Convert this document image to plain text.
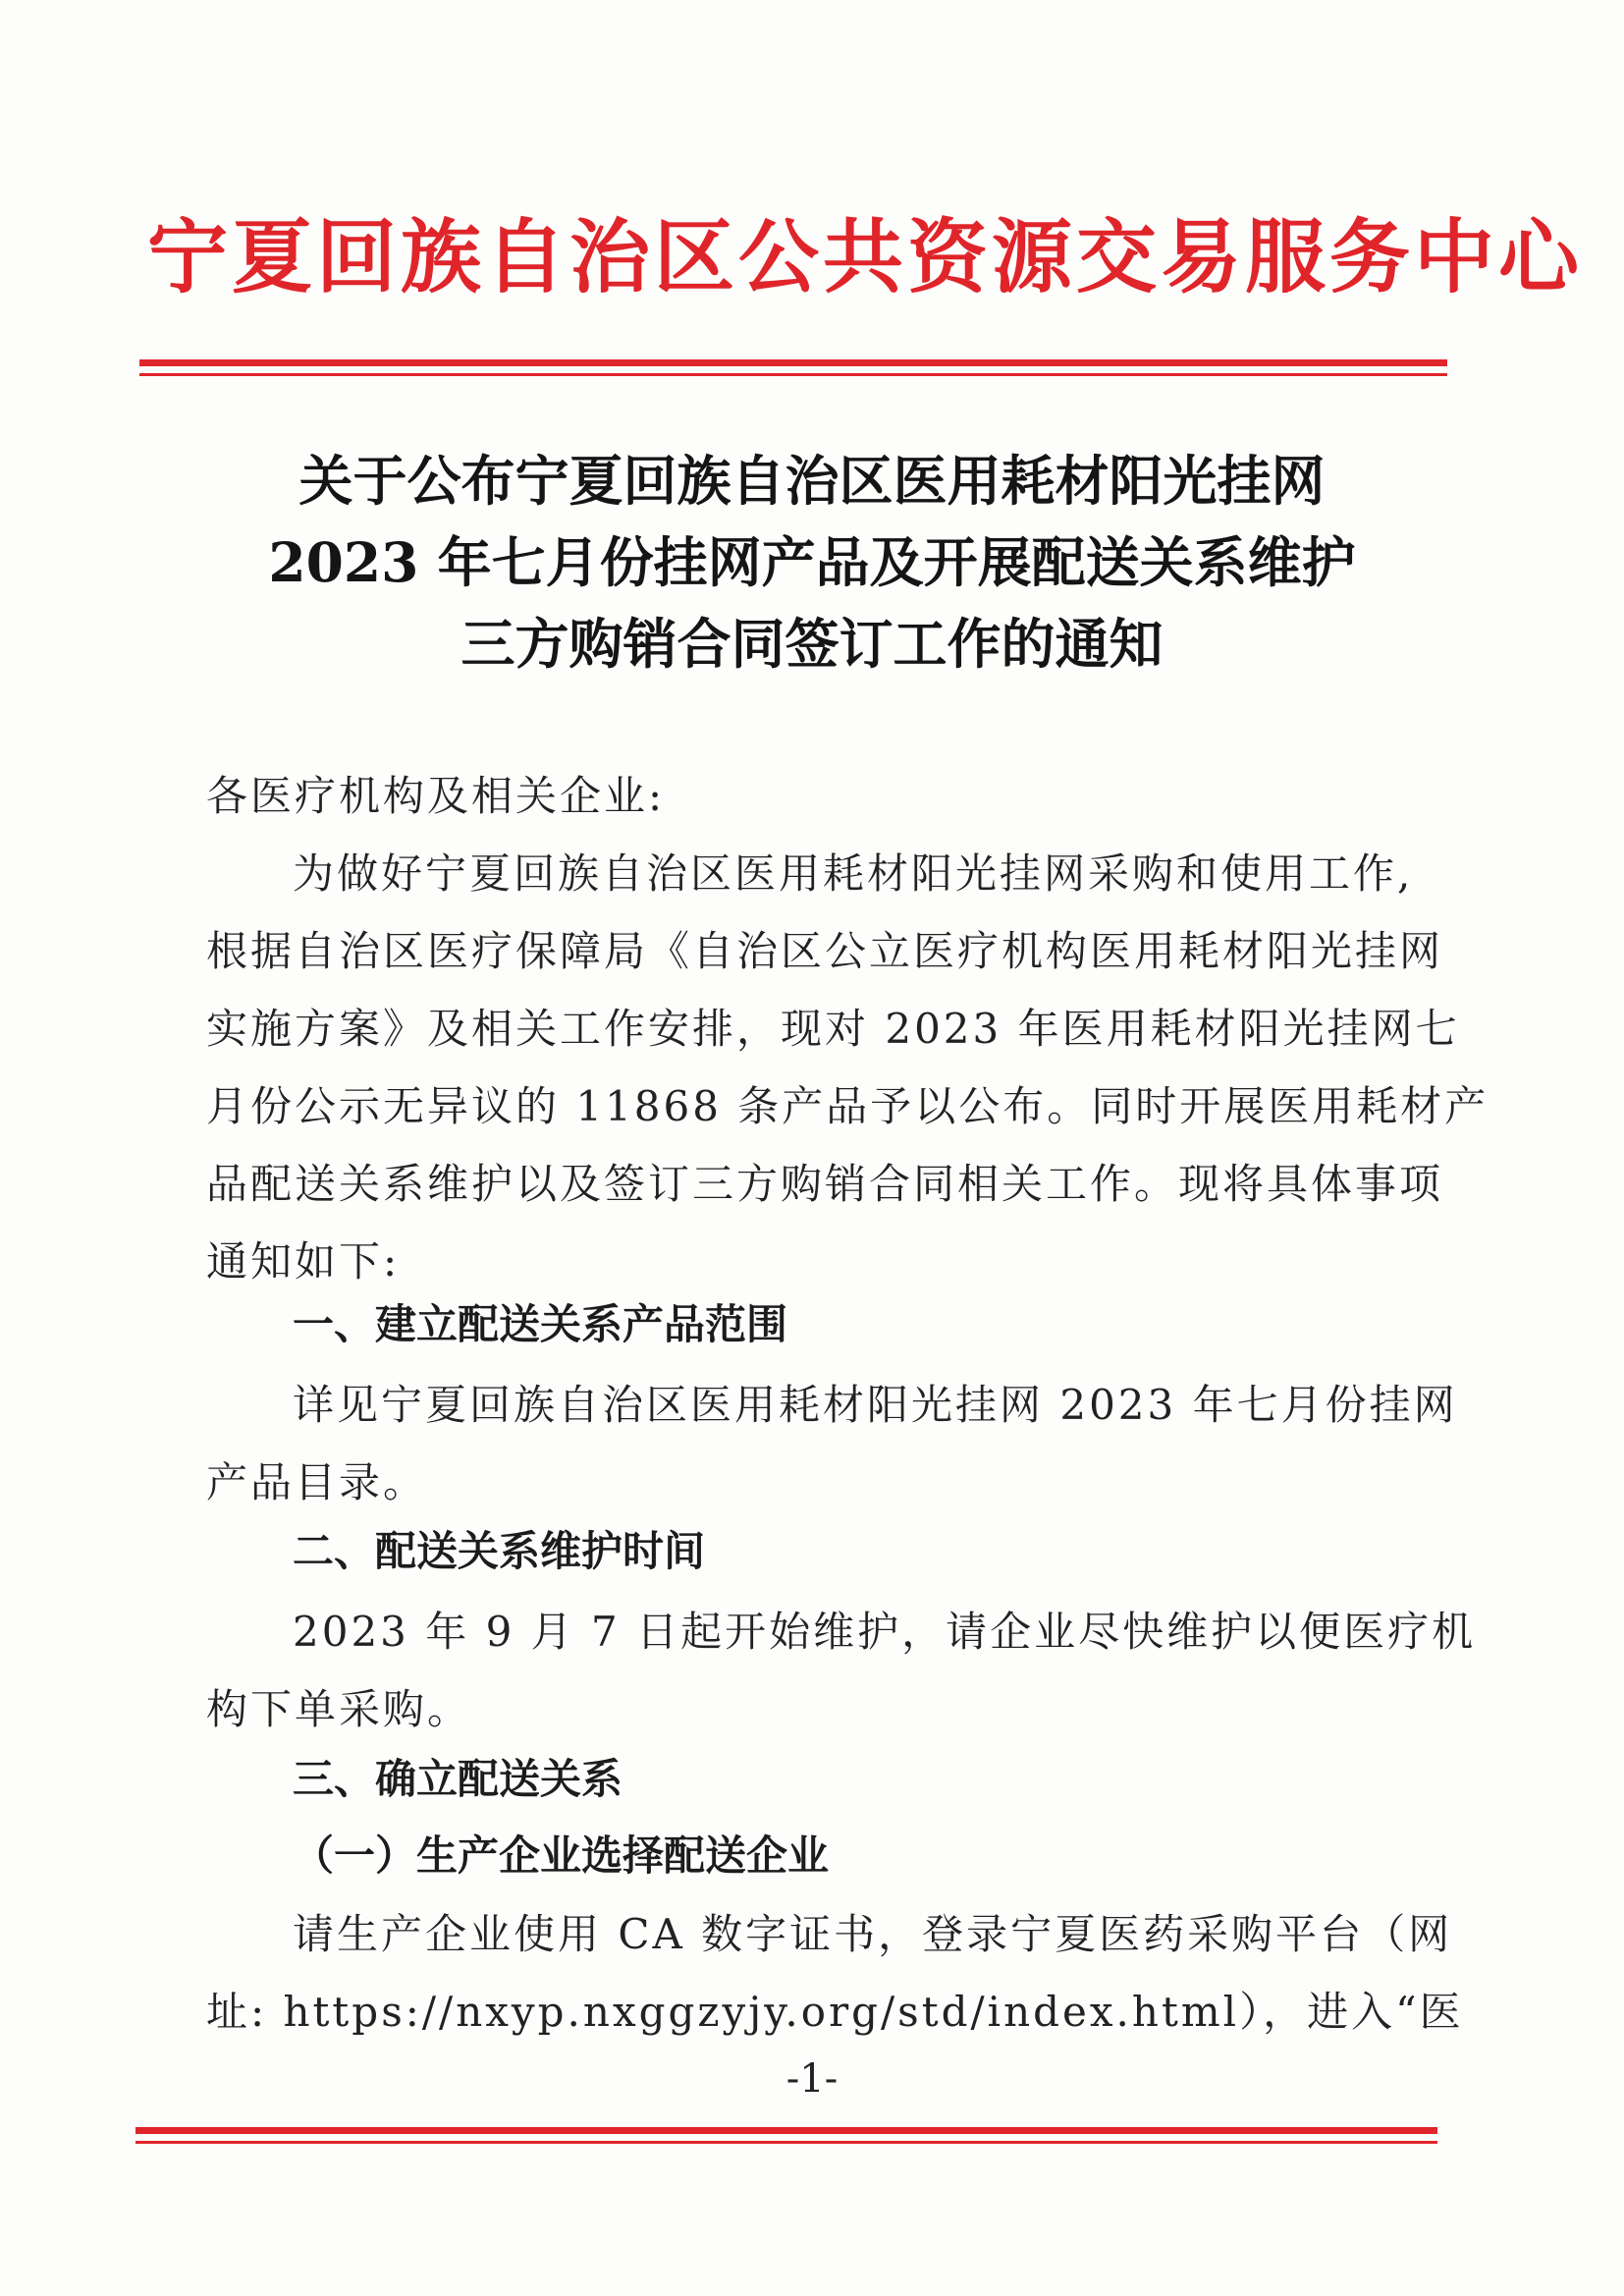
宁夏回族自治区公共资源交易服务中心
关于公布宁夏回族自治区医用耗材阳光挂网
2023 年七月份挂网产品及开展配送关系维护
三方购销合同签订工作的通知
各医疗机构及相关企业:
为做好宁夏回族自治区医用耗材阳光挂网采购和使用工作,
根据自治区医疗保障局《自治区公立医疗机构医用耗材阳光挂网
实施方案》及相关工作安排，现对 2023 年医用耗材阳光挂网七
月份公示无异议的 11868 条产品予以公布。同时开展医用耗材产
品配送关系维护以及签订三方购销合同相关工作。现将具体事项
通知如下:
一、建立配送关系产品范围
详见宁夏回族自治区医用耗材阳光挂网 2023 年七月份挂网
产品目录。
二、配送关系维护时间
2023 年 9 月 7 日起开始维护，请企业尽快维护以便医疗机
构下单采购。
三、确立配送关系
（一）生产企业选择配送企业
请生产企业使用 CA 数字证书，登录宁夏医药采购平台（网
址: https://nxyp.nxggzyjy.org/std/index.html），进入“医
-1-
